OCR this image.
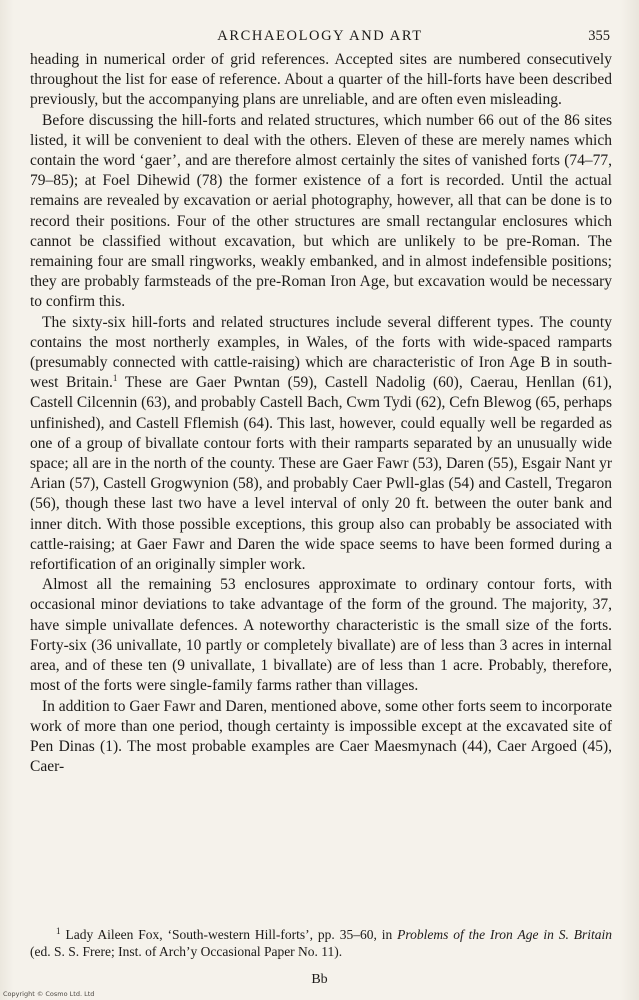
ARCHAEOLOGY AND ART	355

heading in numerical order of grid references. Accepted sites are numbered consecutively throughout the list for ease of reference. About a quarter of the hill-forts have been described previously, but the accompanying plans are unreliable, and are often even misleading.

Before discussing the hill-forts and related structures, which number 66 out of the 86 sites listed, it will be convenient to deal with the others. Eleven of these are merely names which contain the word ‘gaer’, and are therefore almost certainly the sites of vanished forts (74–77, 79–85); at Foel Dihewid (78) the former existence of a fort is recorded. Until the actual remains are revealed by excavation or aerial photography, however, all that can be done is to record their positions. Four of the other structures are small rectangular enclosures which cannot be classified without excavation, but which are unlikely to be pre-Roman. The remaining four are small ringworks, weakly embanked, and in almost indefensible positions; they are probably farmsteads of the pre-Roman Iron Age, but excavation would be necessary to confirm this.

The sixty-six hill-forts and related structures include several different types. The county contains the most northerly examples, in Wales, of the forts with wide-spaced ramparts (presumably connected with cattle-raising) which are characteristic of Iron Age B in south-west Britain.$^1$ These are Gaer Pwntan (59), Castell Nadolig (60), Caerau, Henllan (61), Castell Cilcennin (63), and probably Castell Bach, Cwm Tydi (62), Cefn Blewog (65, perhaps unfinished), and Castell Fflemish (64). This last, however, could equally well be regarded as one of a group of bivallate contour forts with their ramparts separated by an unusually wide space; all are in the north of the county. These are Gaer Fawr (53), Daren (55), Esgair Nant yr Arian (57), Castell Grogwynion (58), and probably Caer Pwll-glas (54) and Castell, Tregaron (56), though these last two have a level interval of only 20 ft. between the outer bank and inner ditch. With those possible exceptions, this group also can probably be associated with cattle-raising; at Gaer Fawr and Daren the wide space seems to have been formed during a refortification of an originally simpler work.

Almost all the remaining 53 enclosures approximate to ordinary contour forts, with occasional minor deviations to take advantage of the form of the ground. The majority, 37, have simple univallate defences. A noteworthy characteristic is the small size of the forts. Forty-six (36 univallate, 10 partly or completely bivallate) are of less than 3 acres in internal area, and of these ten (9 univallate, 1 bivallate) are of less than 1 acre. Probably, therefore, most of the forts were single-family farms rather than villages.

In addition to Gaer Fawr and Daren, mentioned above, some other forts seem to incorporate work of more than one period, though certainty is impossible except at the excavated site of Pen Dinas (1). The most probable examples are Caer Maesmynach (44), Caer Argoed (45), Caer-

$^1$ Lady Aileen Fox, ‘South-western Hill-forts’, pp. 35–60, in Problems of the Iron Age in S. Britain (ed. S. S. Frere; Inst. of Arch’y Occasional Paper No. 11).

Bb
Copyright © Cosmo Ltd. Ltd
